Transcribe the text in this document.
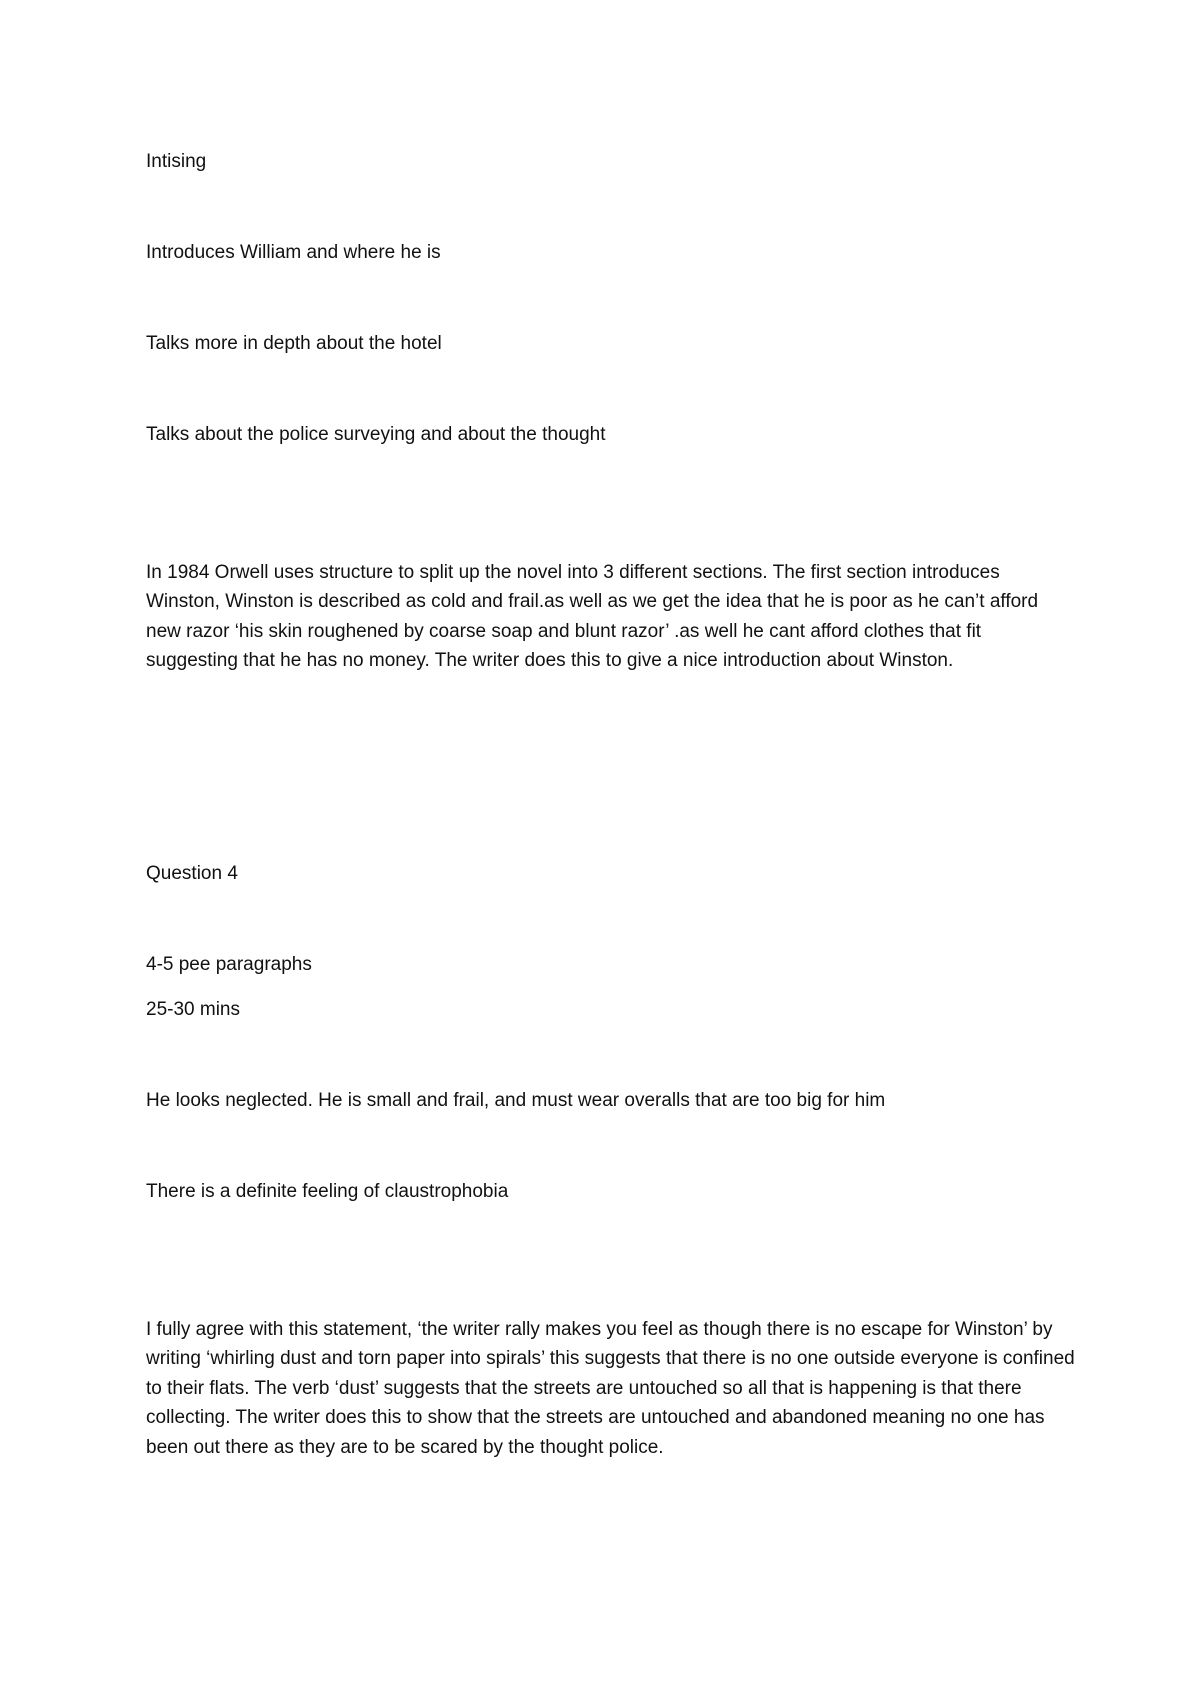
Intising

Introduces William and where he is

Talks more in depth about the hotel

Talks about the police surveying and about the thought

In 1984 Orwell uses structure to split up the novel into 3 different sections. The first section introduces Winston, Winston is described as cold and frail.as well as we get the idea that he is poor as he can’t afford new razor ‘his skin roughened by coarse soap and blunt razor’ .as well he cant afford clothes that fit suggesting that he has no money. The writer does this to give a nice introduction about Winston.

Question 4

4-5 pee paragraphs

25-30 mins

He looks neglected. He is small and frail, and must wear overalls that are too big for him

There is a definite feeling of claustrophobia

I fully agree with this statement, ‘the writer rally makes you feel as though there is no escape for Winston’ by writing ‘whirling dust and torn paper into spirals’ this suggests that there is no one outside everyone is confined to their flats. The verb ‘dust’ suggests that the streets are untouched so all that is happening is that there collecting. The writer does this to show that the streets are untouched and abandoned meaning no one has been out there as they are to be scared by the thought police.
